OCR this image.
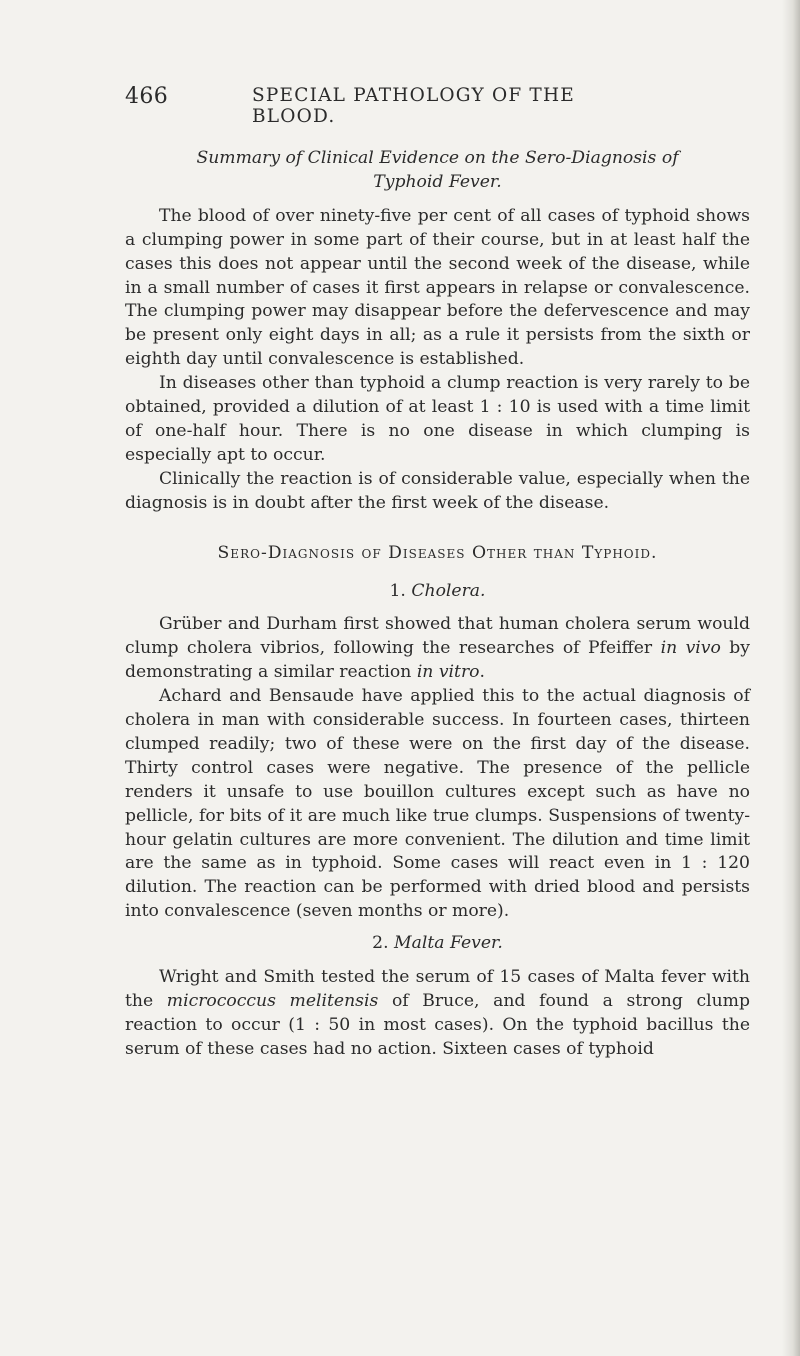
466	SPECIAL PATHOLOGY OF THE BLOOD.
Summary of Clinical Evidence on the Sero-Diagnosis of Typhoid Fever.

The blood of over ninety-five per cent of all cases of typhoid shows a clumping power in some part of their course, but in at least half the cases this does not appear until the second week of the disease, while in a small number of cases it first appears in relapse or convalescence. The clumping power may disappear before the defervescence and may be present only eight days in all; as a rule it persists from the sixth or eighth day until convalescence is established.

In diseases other than typhoid a clump reaction is very rarely to be obtained, provided a dilution of at least 1 : 10 is used with a time limit of one-half hour. There is no one disease in which clumping is especially apt to occur.

Clinically the reaction is of considerable value, especially when the diagnosis is in doubt after the first week of the disease.

Sero-Diagnosis of Diseases Other than Typhoid.
1. Cholera.

Grüber and Durham first showed that human cholera serum would clump cholera vibrios, following the researches of Pfeiffer in vivo by demonstrating a similar reaction in vitro.

Achard and Bensaude have applied this to the actual diagnosis of cholera in man with considerable success. In fourteen cases, thirteen clumped readily; two of these were on the first day of the disease. Thirty control cases were negative. The presence of the pellicle renders it unsafe to use bouillon cultures except such as have no pellicle, for bits of it are much like true clumps. Suspensions of twenty-hour gelatin cultures are more convenient. The dilution and time limit are the same as in typhoid. Some cases will react even in 1 : 120 dilution. The reaction can be performed with dried blood and persists into convalescence (seven months or more).

2. Malta Fever.

Wright and Smith tested the serum of 15 cases of Malta fever with the micrococcus melitensis of Bruce, and found a strong clump reaction to occur (1 : 50 in most cases). On the typhoid bacillus the serum of these cases had no action. Sixteen cases of typhoid
